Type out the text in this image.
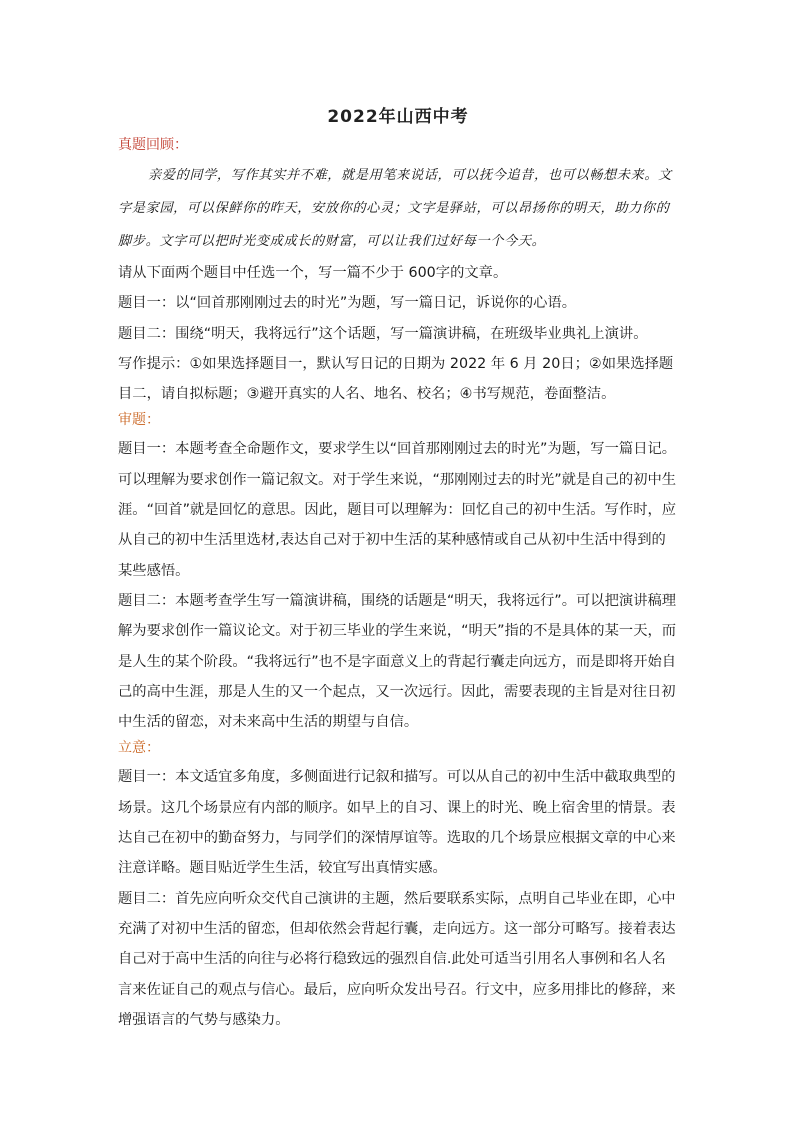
2022年山西中考

真题回顾：

亲爱的同学，写作其实并不难，就是用笔来说话，可以抚今追昔，也可以畅想未来。文字是家园，可以保鲜你的昨天，安放你的心灵；文字是驿站，可以昂扬你的明天，助力你的脚步。文字可以把时光变成成长的财富，可以让我们过好每一个今天。

请从下面两个题目中任选一个，写一篇不少于 600字的文章。

题目一：以“回首那刚刚过去的时光”为题，写一篇日记，诉说你的心语。

题目二：围绕“明天，我将远行”这个话题，写一篇演讲稿，在班级毕业典礼上演讲。

写作提示：①如果选择题目一，默认写日记的日期为 2022 年 6 月 20日；②如果选择题目二，请自拟标题；③避开真实的人名、地名、校名；④书写规范，卷面整洁。

审题：

题目一：本题考查全命题作文，要求学生以“回首那刚刚过去的时光”为题，写一篇日记。可以理解为要求创作一篇记叙文。对于学生来说，“那刚刚过去的时光”就是自己的初中生涯。“回首”就是回忆的意思。因此，题目可以理解为：回忆自己的初中生活。写作时，应从自己的初中生活里选材,表达自己对于初中生活的某种感情或自己从初中生活中得到的某些感悟。

题目二：本题考查学生写一篇演讲稿，围绕的话题是“明天，我将远行”。可以把演讲稿理解为要求创作一篇议论文。对于初三毕业的学生来说，“明天”指的不是具体的某一天，而是人生的某个阶段。“我将远行”也不是字面意义上的背起行囊走向远方，而是即将开始自己的高中生涯，那是人生的又一个起点，又一次远行。因此，需要表现的主旨是对往日初中生活的留恋，对未来高中生活的期望与自信。

立意：

题目一：本文适宜多角度，多侧面进行记叙和描写。可以从自己的初中生活中截取典型的场景。这几个场景应有内部的顺序。如早上的自习、课上的时光、晚上宿舍里的情景。表达自己在初中的勤奋努力，与同学们的深情厚谊等。选取的几个场景应根据文章的中心来注意详略。题目贴近学生生活，较宜写出真情实感。

题目二：首先应向听众交代自己演讲的主题，然后要联系实际，点明自己毕业在即，心中充满了对初中生活的留恋，但却依然会背起行囊，走向远方。这一部分可略写。接着表达自己对于高中生活的向往与必将行稳致远的强烈自信.此处可适当引用名人事例和名人名言来佐证自己的观点与信心。最后，应向听众发出号召。行文中，应多用排比的修辞，来增强语言的气势与感染力。
